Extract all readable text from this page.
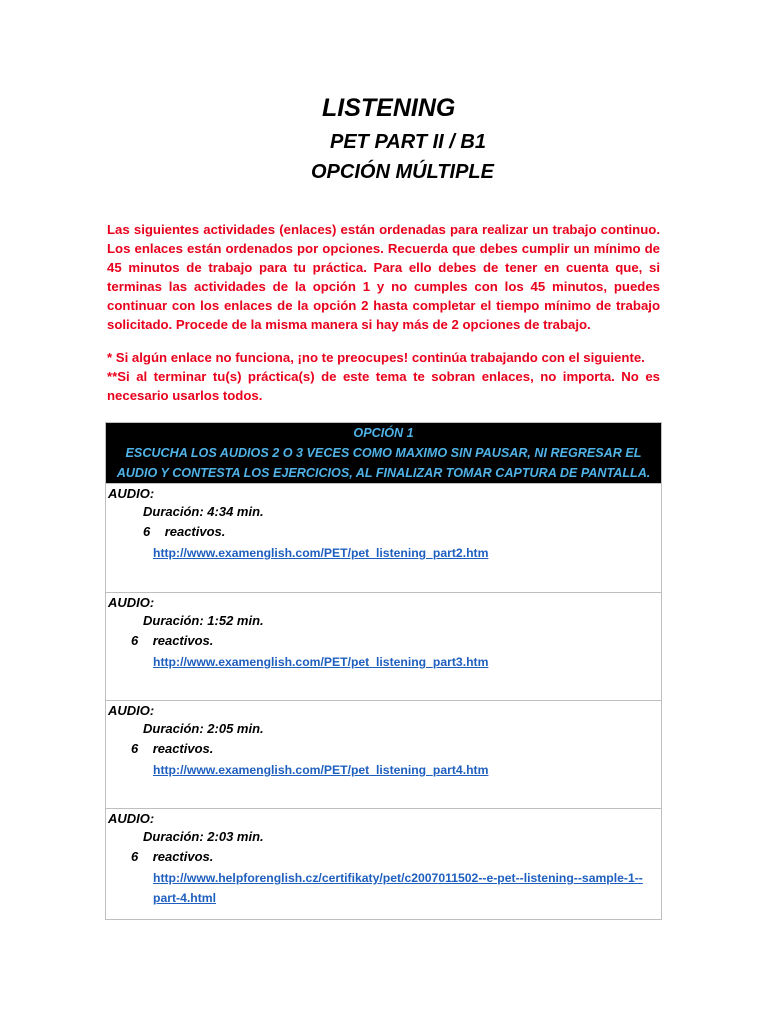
LISTENING
PET PART II / B1
OPCIÓN MÚLTIPLE

Las siguientes actividades (enlaces) están ordenadas para realizar un trabajo continuo. Los enlaces están ordenados por opciones. Recuerda que debes cumplir un mínimo de 45 minutos de trabajo para tu práctica. Para ello debes de tener en cuenta que, si terminas las actividades de la opción 1 y no cumples con los 45 minutos, puedes continuar con los enlaces de la opción 2 hasta completar el tiempo mínimo de trabajo solicitado. Procede de la misma manera si hay más de 2 opciones de trabajo.

* Si algún enlace no funciona, ¡no te preocupes! continúa trabajando con el siguiente.

**Si al terminar tu(s) práctica(s) de este tema te sobran enlaces, no importa. No es necesario usarlos todos.

OPCIÓN 1
ESCUCHA LOS AUDIOS 2 O 3 VECES COMO MAXIMO SIN PAUSAR, NI REGRESAR EL
AUDIO Y CONTESTA LOS EJERCICIOS, AL FINALIZAR TOMAR CAPTURA DE PANTALLA.

AUDIO:
Duración: 4:34 min.
6 reactivos.
http://www.examenglish.com/PET/pet_listening_part2.htm

AUDIO:
Duración: 1:52 min.
6 reactivos.
http://www.examenglish.com/PET/pet_listening_part3.htm

AUDIO:
Duración: 2:05 min.
6 reactivos.
http://www.examenglish.com/PET/pet_listening_part4.htm

AUDIO:
Duración: 2:03 min.
6 reactivos.
http://www.helpforenglish.cz/certifikaty/pet/c2007011502--e-pet--listening--sample-1--
part-4.html
